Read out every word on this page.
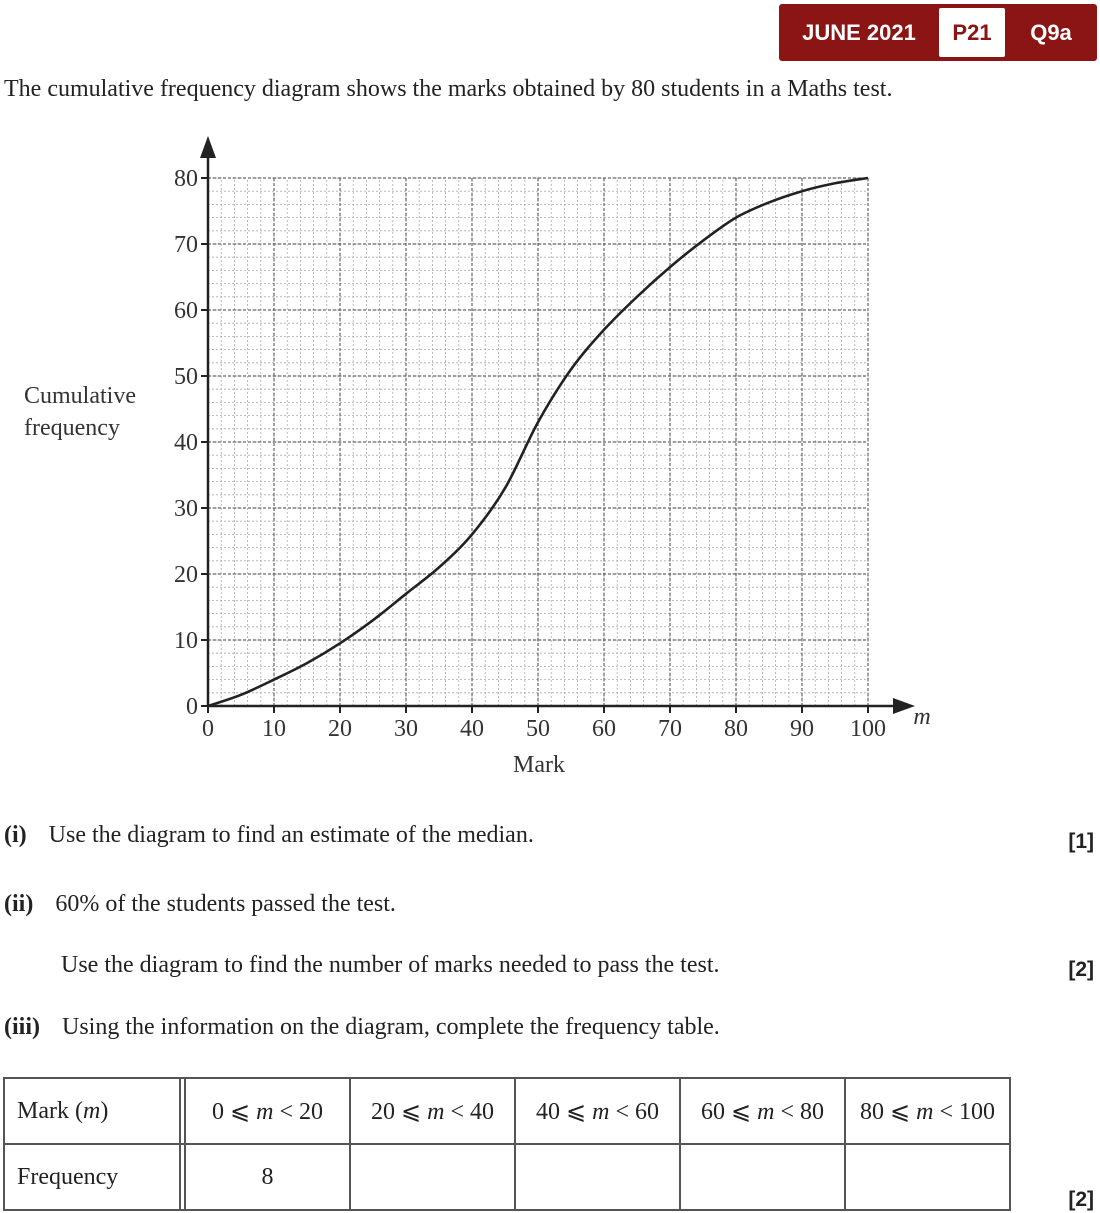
JUNE 2021	P21	Q9a
The cumulative frequency diagram shows the marks obtained by 80 students in a Maths test.
0 10 20 30 40 50 60 70 80 90 100
0
10
20
30
40
50
60
70
80
Mark
m
Cumulative
frequency
(i) Use the diagram to find an estimate of the median.	[1]
(ii) 60% of the students passed the test.
Use the diagram to find the number of marks needed to pass the test.	[2]
(iii) Using the information on the diagram, complete the frequency table.
Mark (m)		0 ⩽ m < 20	20 ⩽ m < 40	40 ⩽ m < 60	60 ⩽ m < 80	80 ⩽ m < 100
Frequency		8				
[2]
